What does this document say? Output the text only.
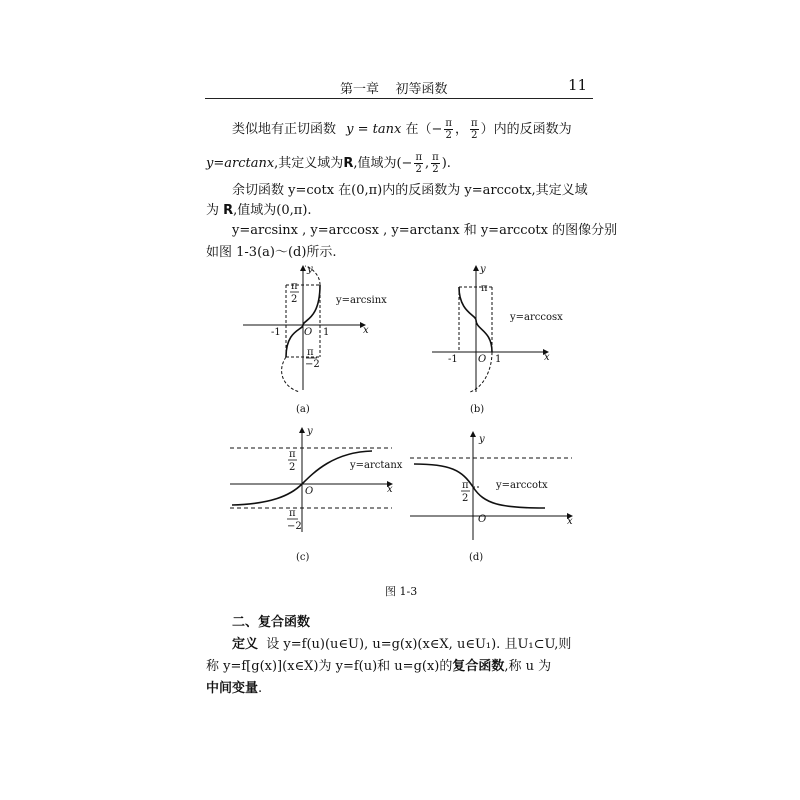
第一章 初等函数	11
类似地有正切函数 y = tanx 在（− $\frac{\pi}{2}$ ， $\frac{\pi}{2}$ ）内的反函数为
y=arctanx,其定义域为R,值域为(− $\frac{\pi}{2}$ , $\frac{\pi}{2}$ ).
余切函数 y=cotx 在(0,π)内的反函数为 y=arccotx,其定义域
为 R,值域为(0,π).
y=arcsinx , y=arccosx , y=arctanx 和 y=arccotx 的图像分别
如图 1-3(a)～(d)所示.
y
x
π
2	y=arcsinx
-1 O 1
π
−2
(a)
y
x
π
y=arccosx
-1 O 1
(b)
y
x
π
2	y=arctanx
O
π
−2
(c)
y
x
π
2
y=arccotx
O
(d)
图 1-3
二、复合函数
定义 设 y=f(u)(u∈U), u=g(x)(x∈X, u∈U₁). 且U₁⊂U,则
称 y=f[g(x)](x∈X)为 y=f(u)和 u=g(x)的复合函数,称 u 为
中间变量.
